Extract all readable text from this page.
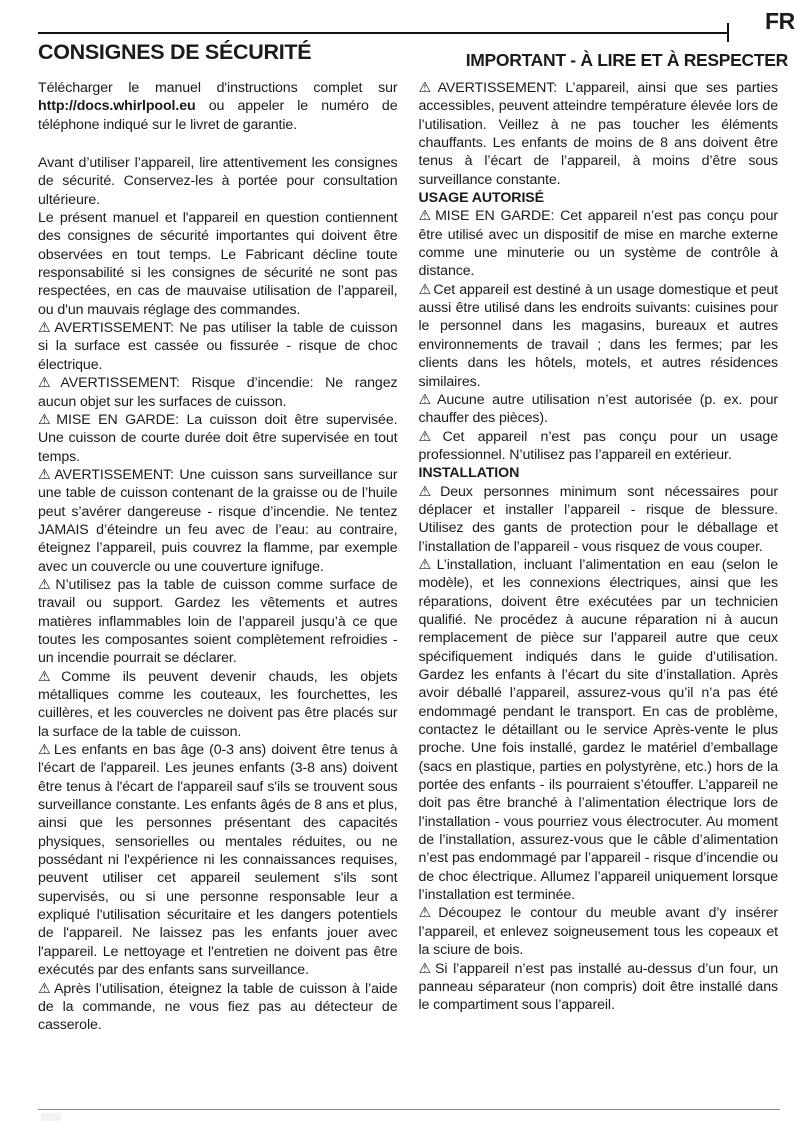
FR
CONSIGNES DE SÉCURITÉ	IMPORTANT - À LIRE ET À RESPECTER

Télécharger le manuel d'instructions complet sur http://docs.whirlpool.eu ou appeler le numéro de téléphone indiqué sur le livret de garantie.

Avant d’utiliser l’appareil, lire attentivement les consignes de sécurité. Conservez-les à portée pour consultation ultérieure.

Le présent manuel et l'appareil en question contiennent des consignes de sécurité importantes qui doivent être observées en tout temps. Le Fabricant décline toute responsabilité si les consignes de sécurité ne sont pas respectées, en cas de mauvaise utilisation de l’appareil, ou d'un mauvais réglage des commandes.

⚠ AVERTISSEMENT: Ne pas utiliser la table de cuisson si la surface est cassée ou fissurée - risque de choc électrique.

⚠ AVERTISSEMENT: Risque d’incendie: Ne rangez aucun objet sur les surfaces de cuisson.

⚠ MISE EN GARDE: La cuisson doit être supervisée. Une cuisson de courte durée doit être supervisée en tout temps.

⚠ AVERTISSEMENT: Une cuisson sans surveillance sur une table de cuisson contenant de la graisse ou de l’huile peut s’avérer dangereuse - risque d’incendie. Ne tentez JAMAIS d’éteindre un feu avec de l’eau: au contraire, éteignez l’appareil, puis couvrez la flamme, par exemple avec un couvercle ou une couverture ignifuge.

⚠ N’utilisez pas la table de cuisson comme surface de travail ou support. Gardez les vêtements et autres matières inflammables loin de l’appareil jusqu’à ce que toutes les composantes soient complètement refroidies - un incendie pourrait se déclarer.

⚠ Comme ils peuvent devenir chauds, les objets métalliques comme les couteaux, les fourchettes, les cuillères, et les couvercles ne doivent pas être placés sur la surface de la table de cuisson.

⚠ Les enfants en bas âge (0-3 ans) doivent être tenus à l'écart de l'appareil. Les jeunes enfants (3-8 ans) doivent être tenus à l'écart de l'appareil sauf s'ils se trouvent sous surveillance constante. Les enfants âgés de 8 ans et plus, ainsi que les personnes présentant des capacités physiques, sensorielles ou mentales réduites, ou ne possédant ni l'expérience ni les connaissances requises, peuvent utiliser cet appareil seulement s'ils sont supervisés, ou si une personne responsable leur a expliqué l'utilisation sécuritaire et les dangers potentiels de l'appareil. Ne laissez pas les enfants jouer avec l'appareil. Le nettoyage et l'entretien ne doivent pas être exécutés par des enfants sans surveillance.

⚠ Après l’utilisation, éteignez la table de cuisson à l’aide de la commande, ne vous fiez pas au détecteur de casserole.

⚠ AVERTISSEMENT: L’appareil, ainsi que ses parties accessibles, peuvent atteindre température élevée lors de l’utilisation. Veillez à ne pas toucher les éléments chauffants. Les enfants de moins de 8 ans doivent être tenus à l’écart de l’appareil, à moins d’être sous surveillance constante.

USAGE AUTORISÉ

⚠ MISE EN GARDE: Cet appareil n’est pas conçu pour être utilisé avec un dispositif de mise en marche externe comme une minuterie ou un système de contrôle à distance.

⚠ Cet appareil est destiné à un usage domestique et peut aussi être utilisé dans les endroits suivants: cuisines pour le personnel dans les magasins, bureaux et autres environnements de travail ; dans les fermes; par les clients dans les hôtels, motels, et autres résidences similaires.

⚠ Aucune autre utilisation n’est autorisée (p. ex. pour chauffer des pièces).

⚠ Cet appareil n’est pas conçu pour un usage professionnel. N’utilisez pas l’appareil en extérieur.

INSTALLATION

⚠ Deux personnes minimum sont nécessaires pour déplacer et installer l’appareil - risque de blessure. Utilisez des gants de protection pour le déballage et l’installation de l’appareil - vous risquez de vous couper.

⚠ L’installation, incluant l’alimentation en eau (selon le modèle), et les connexions électriques, ainsi que les réparations, doivent être exécutées par un technicien qualifié. Ne procédez à aucune réparation ni à aucun remplacement de pièce sur l’appareil autre que ceux spécifiquement indiqués dans le guide d’utilisation. Gardez les enfants à l’écart du site d’installation. Après avoir déballé l’appareil, assurez-vous qu’il n’a pas été endommagé pendant le transport. En cas de problème, contactez le détaillant ou le service Après-vente le plus proche. Une fois installé, gardez le matériel d’emballage (sacs en plastique, parties en polystyrène, etc.) hors de la portée des enfants - ils pourraient s’étouffer. L’appareil ne doit pas être branché à l’alimentation électrique lors de l’installation - vous pourriez vous électrocuter. Au moment de l’installation, assurez-vous que le câble d’alimentation n’est pas endommagé par l’appareil - risque d’incendie ou de choc électrique. Allumez l’appareil uniquement lorsque l’installation est terminée.

⚠ Découpez le contour du meuble avant d’y insérer l’appareil, et enlevez soigneusement tous les copeaux et la sciure de bois.

⚠ Si l’appareil n’est pas installé au-dessus d’un four, un panneau séparateur (non compris) doit être installé dans le compartiment sous l’appareil.
